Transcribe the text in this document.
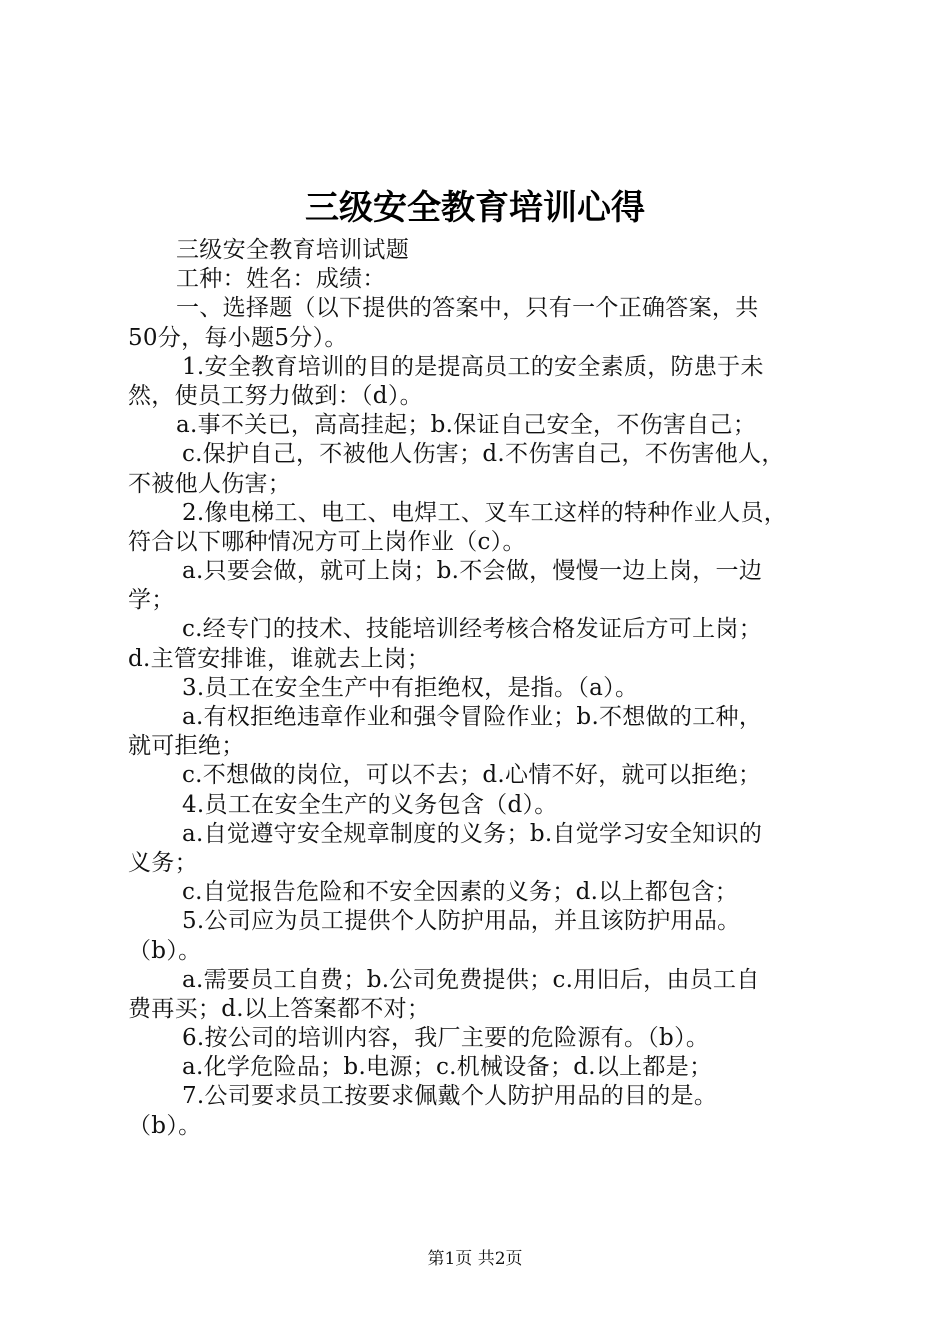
三级安全教育培训心得
三级安全教育培训试题
工种：姓名：成绩：
一、选择题（以下提供的答案中，只有一个正确答案，共
50分，每小题5分）。
1.安全教育培训的目的是提高员工的安全素质，防患于未
然，使员工努力做到：（d）。
a.事不关已，高高挂起；b.保证自己安全，不伤害自己；
c.保护自己，不被他人伤害；d.不伤害自己，不伤害他人，
不被他人伤害；
2.像电梯工、电工、电焊工、叉车工这样的特种作业人员，
符合以下哪种情况方可上岗作业（c）。
a.只要会做，就可上岗；b.不会做，慢慢一边上岗，一边
学；
c.经专门的技术、技能培训经考核合格发证后方可上岗；
d.主管安排谁，谁就去上岗；
3.员工在安全生产中有拒绝权，是指。（a）。
a.有权拒绝违章作业和强令冒险作业；b.不想做的工种，
就可拒绝；
c.不想做的岗位，可以不去；d.心情不好，就可以拒绝；
4.员工在安全生产的义务包含（d）。
a.自觉遵守安全规章制度的义务；b.自觉学习安全知识的
义务；
c.自觉报告危险和不安全因素的义务；d.以上都包含；
5.公司应为员工提供个人防护用品，并且该防护用品。
（b）。
a.需要员工自费；b.公司免费提供；c.用旧后，由员工自
费再买；d.以上答案都不对；
6.按公司的培训内容，我厂主要的危险源有。（b）。
a.化学危险品；b.电源；c.机械设备；d.以上都是；
7.公司要求员工按要求佩戴个人防护用品的目的是。
（b）。
第1页 共2页
